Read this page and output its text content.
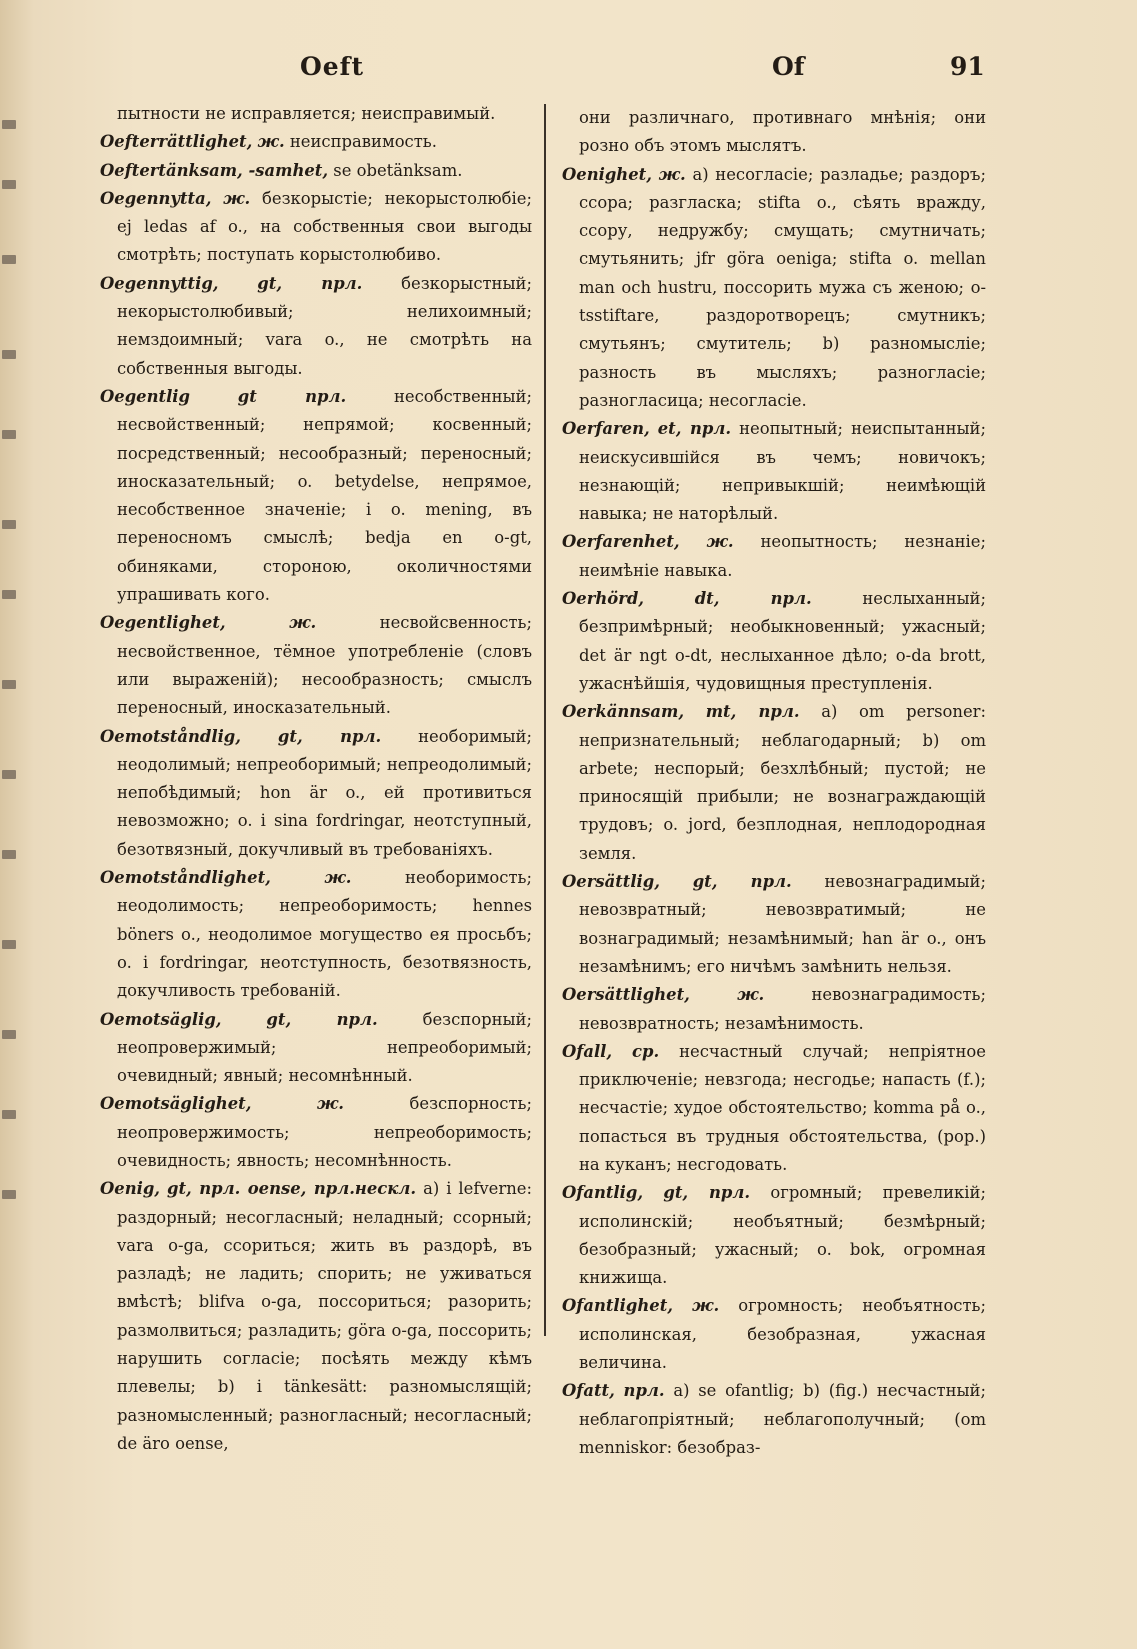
Oeft	Of	91

пытности не исправляется; неисправимый.

Oefterrättlighet, ж. неисправимость.

Oeftertänksam, -samhet, se obetänksam.

Oegennytta, ж. безкорыстіе; некорыстолюбіе; ej ledas af o., на собственныя свои выгоды смотрѣть; поступать корыстолюбиво.

Oegennyttig, gt, прл. безкорыстный; некорыстолюбивый; нелихоимный; немздоимный; vara o., не смотрѣть на собственныя выгоды.

Oegentlig	gt прл.	несобственный; несвойственный; непрямой; косвенный; посредственный; несообразный; переносный; иносказательный; o. betydelse, непрямое, несобственное значеніе; i o. mening, въ переносномъ смыслѣ; bedja en o-gt, обиняками, стороною, околичностями упрашивать кого.

Oegentlighet,	ж.	несвойсвенность; несвойственное, тёмное употребленіе (словъ или выраженій); несообразность; смыслъ переносный, иносказательный.

Oemotståndlig, gt, прл. необоримый; неодолимый; непреоборимый; непреодолимый; непобѣдимый; hon är o., ей противиться невозможно; o. i sina fordringar, неотступный, безотвязный, докучливый въ требованіяхъ.

Oemotståndlighet,	ж.	необоримость; неодолимость; непреоборимость; hennes böners o., неодолимое могущество ея просьбъ; o. i fordringar, неотступность, безотвязность, докучливость требованій.

Oemotsäglig,	gt, прл.	безспорный; неопровержимый; непреоборимый; очевидный; явный; несомнѣнный.

Oemotsäglighet,	ж.	безспорность; неопровержимость; непреоборимость; очевидность; явность; несомнѣнность.

Oenig, gt, прл. oense, прл.нескл. a) i lefverne: раздорный; несогласный; неладный; ссорный; vara o-ga, ссориться; жить въ раздорѣ, въ разладѣ; не ладить; спорить; не уживаться вмѣстѣ; blifva o-ga, поссориться; разорить; размолвиться; разладить; göra o-ga, поссорить; нарушить согласіе; посѣять между кѣмъ плевелы; b) i tänkesätt: разномыслящій; разномысленный; разногласный; несогласный; de äro oense,

они различнаго, противнаго мнѣнія; они розно объ этомъ мыслятъ.

Oenighet, ж. a) несогласіе; разладье; раздоръ; ссора; разгласка; stifta o., сѣять вражду, ссору, недружбу; смущать; смутничать; смутьянить; jfr göra oeniga; stifta o. mellan man och hustru, поссорить мужа съ женою; o-tsstiftare, раздоротворецъ; смутникъ; смутьянъ; смутитель; b) разномысліе; разность въ мысляхъ; разногласіе; разногласица; несогласіе.

Oerfaren, et, прл. неопытный; неиспытанный; неискусившійся въ чемъ; новичокъ; незнающій; непривыкшій; неимѣющій навыка; не наторѣлый.

Oerfarenhet, ж. неопытность; незнаніе; неимѣніе навыка.

Oerhörd,	dt, прл.	неслыханный; безпримѣрный; необыкновенный; ужасный; det är ngt o-dt, неслыханное дѣло; o-da brott, ужаснѣйшія, чудовищныя преступленія.

Oerkännsam, mt, прл. a) om personer: непризнательный; неблагодарный; b) om arbete; неспорый; безхлѣбный; пустой; не приносящій прибыли; не вознаграждающій трудовъ; o. jord, безплодная, неплодородная земля.

Oersättlig, gt, прл. невознаградимый; невозвратный; невозвратимый; не вознаградимый; незамѣнимый; han är o., онъ незамѣнимъ; его ничѣмъ замѣнить нельзя.

Oersättlighet,	ж.	невознаградимость; невозвратность; незамѣнимость.

Ofall, ср. несчастный случай; непріятное приключеніе; невзгода; несгодье; напасть (f.); несчастіе; худое обстоятельство; komma på o., попасться въ трудныя обстоятельства, (рор.) на куканъ; несгодовать.

Ofantlig, gt, прл. огромный; превеликій; исполинскій; необъятный; безмѣрный; безобразный; ужасный; o. bok, огромная книжища.

Ofantlighet, ж. огромность; необъятность; исполинская, безобразная, ужасная величина.

Ofatt, прл. a) se ofantlig; b) (fig.) несчастный; неблагопріятный; неблагополучный; (om menniskor: безобраз-
